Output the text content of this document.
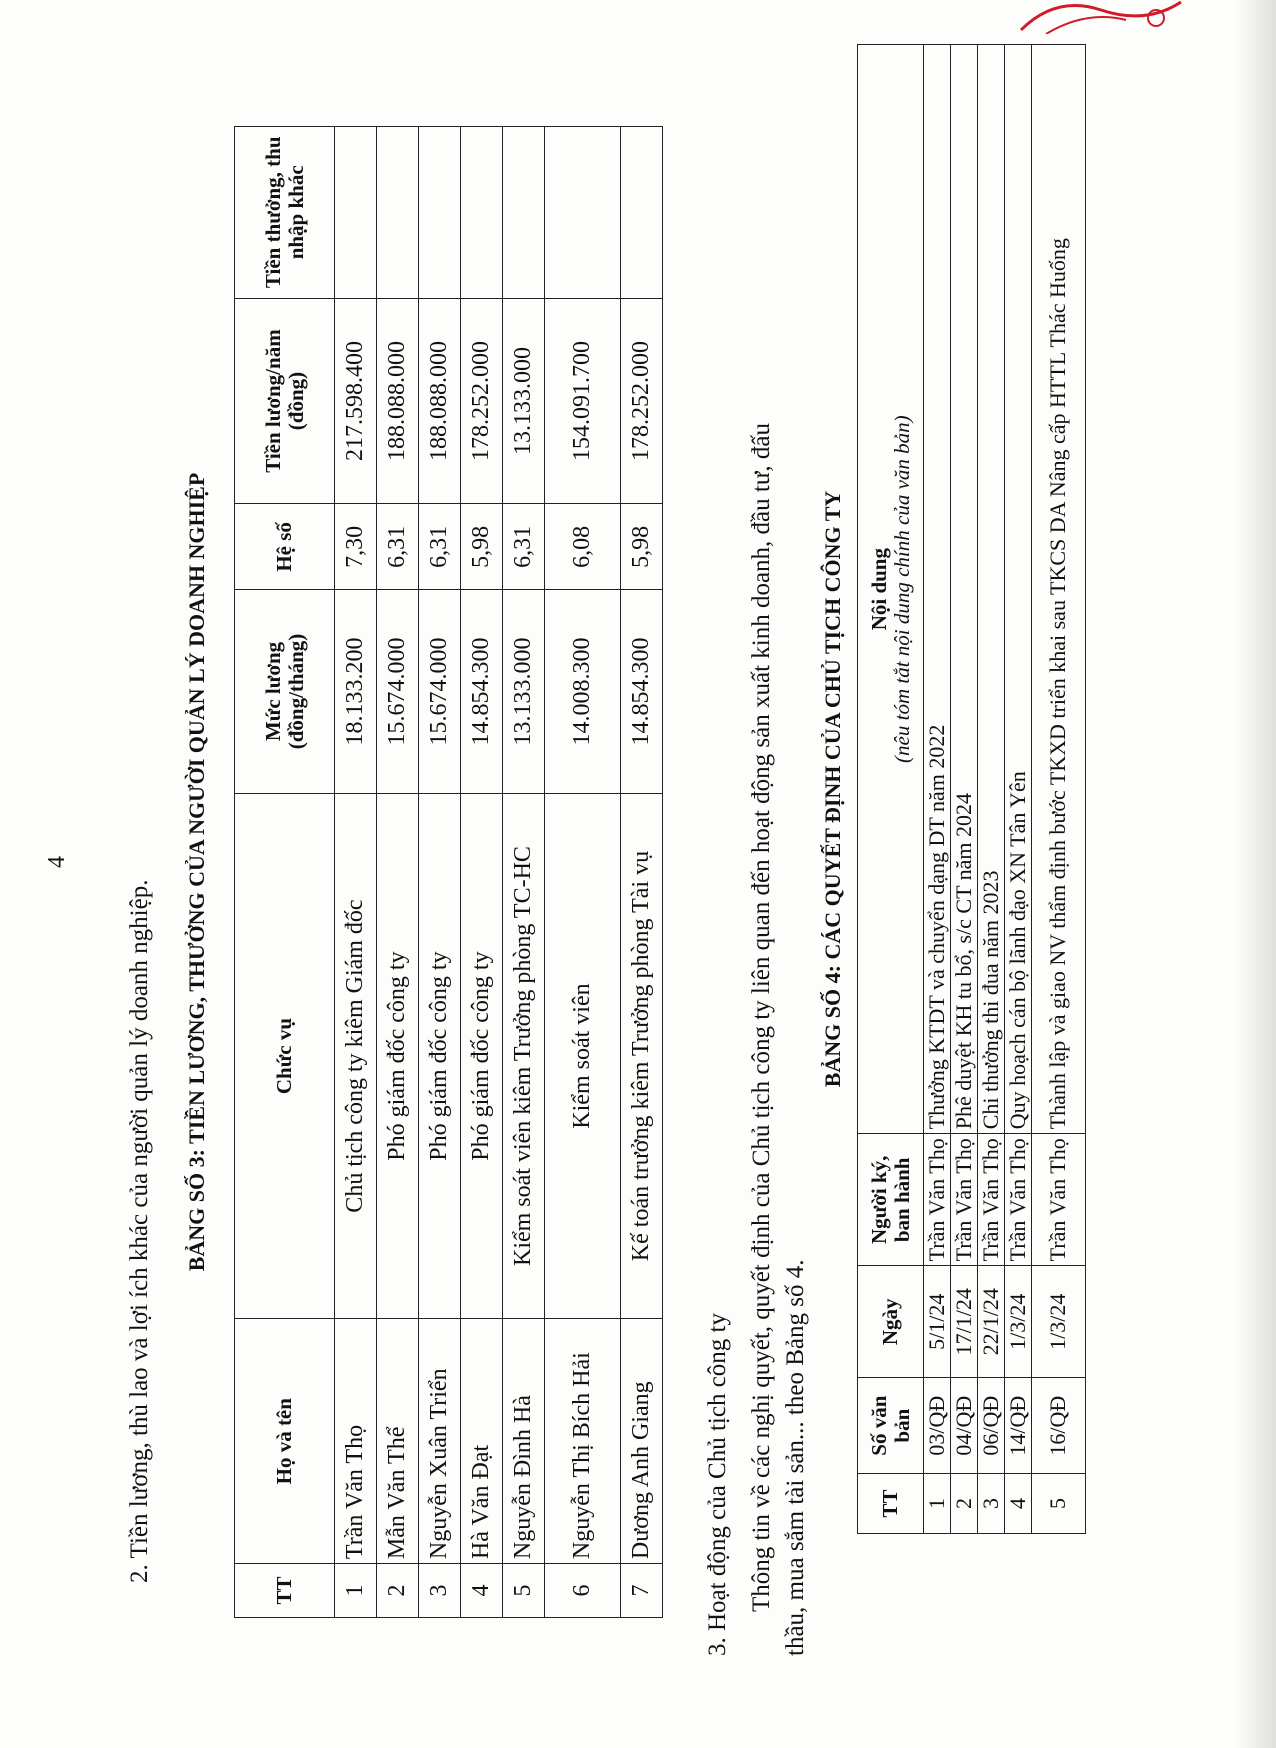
4
2. Tiền lương, thù lao và lợi ích khác của người quản lý doanh nghiệp. BẢNG SỐ 3: TIỀN LƯƠNG, THƯỞNG CỦA NGƯỜI QUẢN LÝ DOANH NGHIỆP
TT	Họ và tên	Chức vụ	Mức lương (đồng/tháng)	Hệ số	Tiền lương/năm (đồng)	Tiền thưởng, thu nhập khác
1	Trần Văn Thọ	Chủ tịch công ty kiêm Giám đốc	18.133.200	7,30	217.598.400	
2	Mẫn Văn Thể	Phó giám đốc công ty	15.674.000	6,31	188.088.000	
3	Nguyễn Xuân Triển	Phó giám đốc công ty	15.674.000	6,31	188.088.000	
4	Hà Văn Đạt	Phó giám đốc công ty	14.854.300	5,98	178.252.000	
5	Nguyễn Đình Hà	Kiểm soát viên kiêm Trưởng phòng TC-HC	13.133.000	6,31	13.133.000	
6	Nguyễn Thị Bích Hải	Kiểm soát viên	14.008.300	6,08	154.091.700	
7	Dương Anh Giang	Kế toán trưởng kiêm Trưởng phòng Tài vụ	14.854.300	5,98	178.252.000	
3. Hoạt động của Chủ tịch công ty Thông tin về các nghị quyết, quyết định của Chủ tịch công ty liên quan đến hoạt động sản xuất kinh doanh, đầu tư, đấu thầu, mua sắm tài sản... theo Bảng số 4.
BẢNG SỐ 4: CÁC QUYẾT ĐỊNH CỦA CHỦ TỊCH CÔNG TY
TT	Số văn bản	Ngày	Người ký, ban hành	Nội dung
(nêu tóm tắt nội dung chính của văn bản)

1	03/QĐ	5/1/24	Trần Văn Thọ	Thưởng KTDT và chuyển dạng DT năm 2022
2	04/QĐ	17/1/24	Trần Văn Thọ	Phê duyệt KH tu bổ, s/c CT năm 2024
3	06/QĐ	22/1/24	Trần Văn Thọ	Chi thưởng thi đua năm 2023
4	14/QĐ	1/3/24	Trần Văn Thọ	Quy hoạch cán bộ lãnh đạo XN Tân Yên
5	16/QĐ	1/3/24	Trần Văn Thọ	Thành lập và giao NV thẩm định bước TKXD triển khai sau TKCS DA Nâng cấp HTTL Thác Huống
